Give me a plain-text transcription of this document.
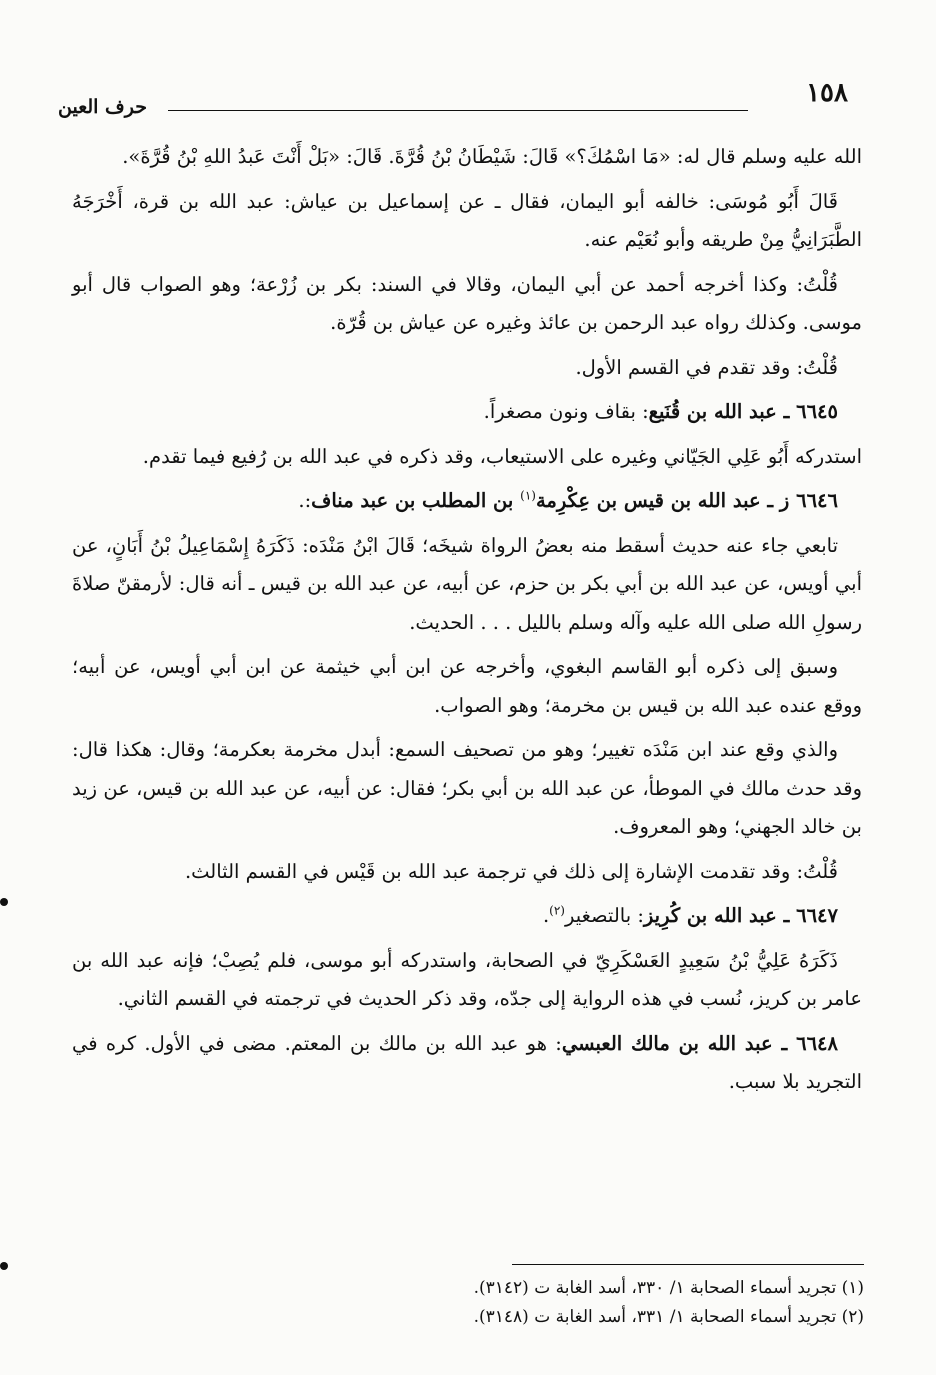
١٥٨
حرف العين

الله عليه وسلم قال له: «مَا اسْمُكَ؟» قَالَ: شَيْطَانُ بْنُ قُرَّةَ. قَالَ: «بَلْ أَنْتَ عَبدُ اللهِ بْنُ قُرَّةَ».

قَالَ أَبُو مُوسَى: خالفه أبو اليمان، فقال ـ عن إسماعيل بن عياش: عبد الله بن قرة، أَخْرَجَهُ الطَّبَرَانِيُّ مِنْ طريقه وأبو نُعَيْم عنه.

قُلْتُ: وكذا أخرجه أحمد عن أبي اليمان، وقالا في السند: بكر بن زُرْعة؛ وهو الصواب قال أبو موسى. وكذلك رواه عبد الرحمن بن عائذ وغيره عن عياش بن قُرّة.

قُلْتُ: وقد تقدم في القسم الأول.

٦٦٤٥ ـ عبد الله بن قُنَيع: بقاف ونون مصغراً.

استدركه أَبُو عَلِي الجَيّاني وغيره على الاستيعاب، وقد ذكره في عبد الله بن رُفيع فيما تقدم.

٦٦٤٦ ز ـ عبد الله بن قيس بن عِكْرِمة$^{(١)}$ بن المطلب بن عبد مناف:.

تابعي جاء عنه حديث أسقط منه بعضُ الرواة شيخَه؛ قَالَ ابْنُ مَنْدَه: ذَكَرَهُ إِسْمَاعِيلُ بْنُ أَبَانٍ، عن أبي أويس، عن عبد الله بن أبي بكر بن حزم، عن أبيه، عن عبد الله بن قيس ـ أنه قال: لأرمقنّ صلاةَ رسولِ الله صلى الله عليه وآله وسلم بالليل . . . الحديث.

وسبق إلى ذكره أبو القاسم البغوي، وأخرجه عن ابن أبي خيثمة عن ابن أبي أويس، عن أبيه؛ ووقع عنده عبد الله بن قيس بن مخرمة؛ وهو الصواب.

والذي وقع عند ابن مَنْدَه تغيير؛ وهو من تصحيف السمع: أبدل مخرمة بعكرمة؛ وقال: هكذا قال: وقد حدث مالك في الموطأ، عن عبد الله بن أبي بكر؛ فقال: عن أبيه، عن عبد الله بن قيس، عن زيد بن خالد الجهني؛ وهو المعروف.

قُلْتُ: وقد تقدمت الإشارة إلى ذلك في ترجمة عبد الله بن قَيْس في القسم الثالث.

٦٦٤٧ ـ عبد الله بن كُرِيز: بالتصغير$^{(٢)}$.

ذَكَرَهُ عَلِيُّ بْنُ سَعِيدٍ العَسْكَرِيّ في الصحابة، واستدركه أبو موسى، فلم يُصِبْ؛ فإنه عبد الله بن عامر بن كريز، نُسب في هذه الرواية إلى جدّه، وقد ذكر الحديث في ترجمته في القسم الثاني.

٦٦٤٨ ـ عبد الله بن مالك العبسي: هو عبد الله بن مالك بن المعتم. مضى في الأول. كره في التجريد بلا سبب.

(١) تجريد أسماء الصحابة ١/ ٣٣٠، أسد الغابة ت (٣١٤٢).

(٢) تجريد أسماء الصحابة ١/ ٣٣١، أسد الغابة ت (٣١٤٨).
